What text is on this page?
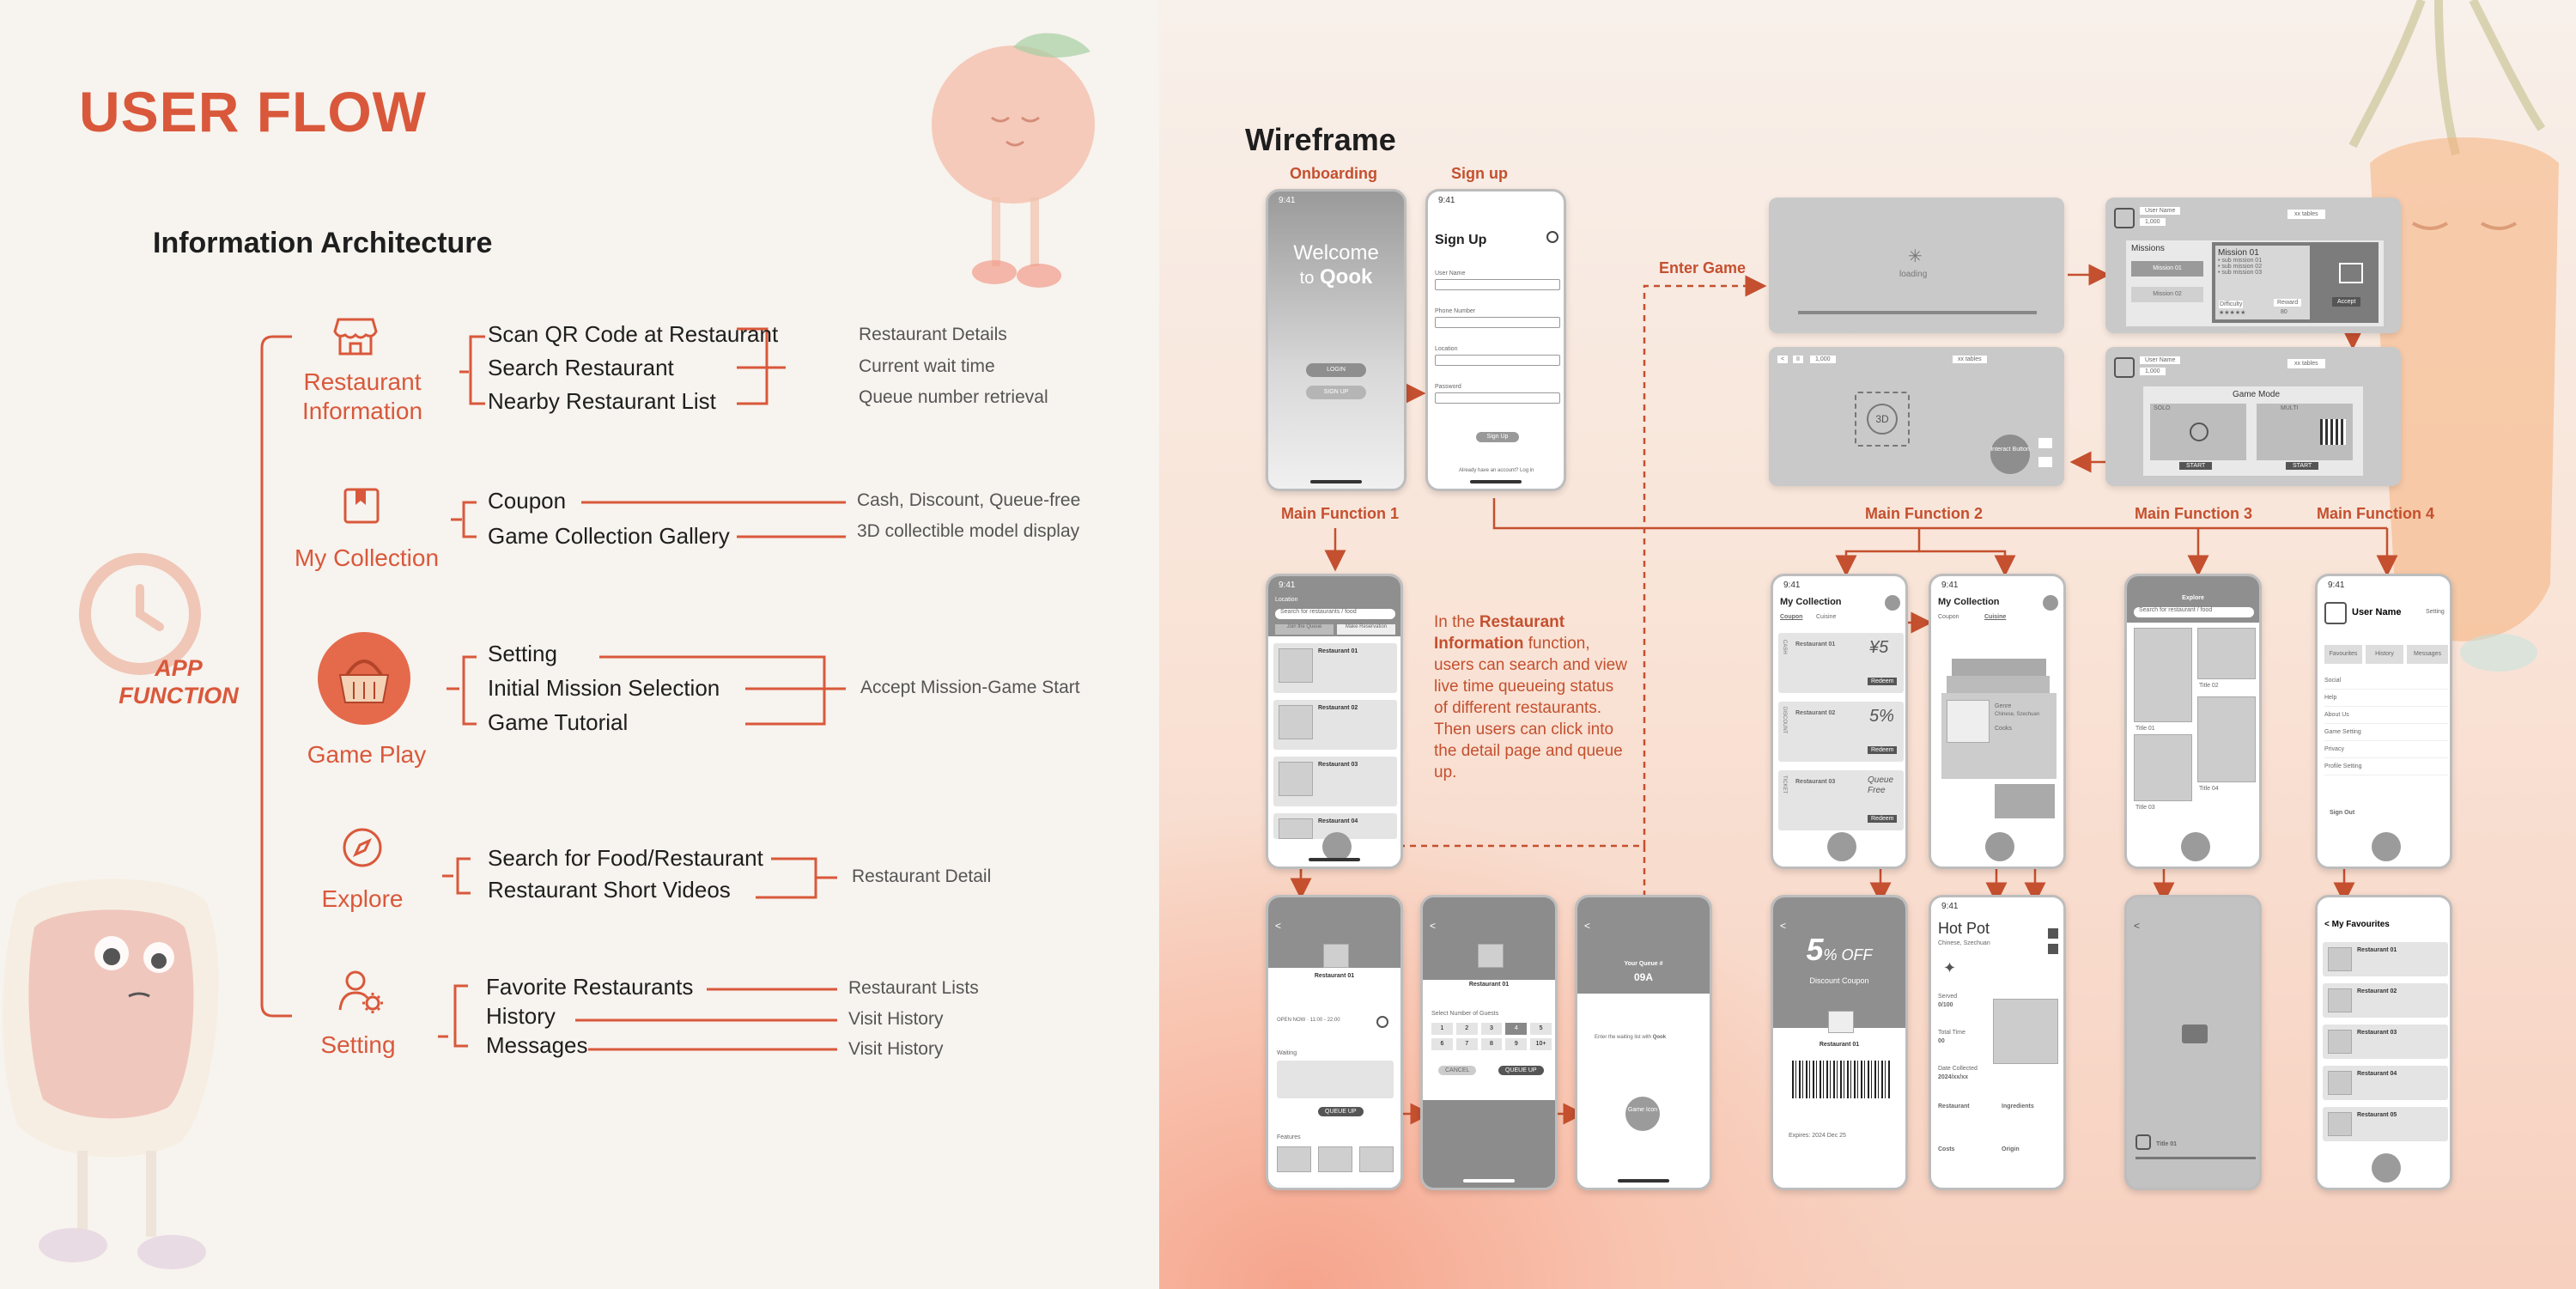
USER FLOW
Information Architecture
APP
FUNCTION
Restaurant
Information
Scan QR Code at Restaurant
Search Restaurant
Nearby Restaurant List
Restaurant Details
Current wait time
Queue number retrieval
My Collection
Coupon
Game Collection Gallery
Cash, Discount, Queue-free
3D collectible model display
Game Play
Setting
Initial Mission Selection
Game Tutorial
Accept Mission-Game Start
Explore
Search for Food/Restaurant
Restaurant Short Videos
Restaurant Detail
Setting
Favorite Restaurants
History
Messages
Restaurant Lists
Visit History
Visit History
Wireframe
Onboarding	Sign up
Enter Game
Main Function 1	Main Function 2	Main Function 3	Main Function 4
In the Restaurant Information function, users can search and view live time queueing status of different restaurants. Then users can click into the detail page and queue up.
9:41
Welcome
to Qook
LOGIN
SIGN UP
9:41
Sign Up
User Name
Phone Number
Location
Password
Sign Up
Already have an account? Log in
✳
loading
User Name
1,000
xx tables
Missions
Mission 01
Mission 02
Mission 01
• sub mission 01
• sub mission 02
• sub mission 03
Difficulty
★★★★★
Reward
80
Accept
<	II	1,000	xx tables
3D
Interact Button
User Name
1,000
xx tables
Game Mode
SOLO	MULTI
START	START
9:41
Location
Search for restaurants / food
Join the Queue	Make Reservation
Restaurant 01
Restaurant 02
Restaurant 03
Restaurant 04
<
Restaurant 01
OPEN NOW · 11:00 - 22:00
Waiting
QUEUE UP
Features
<
Restaurant 01
Select Number of Guests
1	2	3	4	5
6	7	8	9	10+
CANCEL	QUEUE UP
<
Your Queue #
09A
Enter the waiting list with Qook
Game Icon
9:41
My Collection
Coupon Cuisine
CASH Restaurant 01 ¥5
Redeem
DISCOUNT Restaurant 02 5%
Redeem
TICKET Restaurant 03	Queue Free
Redeem
9:41
My Collection
Coupon	Cuisine
Genre
Chinese, Szechuan
Cooks
<
5% OFF
Discount Coupon
Restaurant 01
Expires: 2024 Dec 25
9:41
Hot Pot
Chinese, Szechuan
✦
Served
0/100
Total Time
00
Date Collected
2024/xx/xx
Restaurant	Ingredients
Costs	Origin
Explore
Search for restaurant / food
Title 02
Title 01
Title 04
Title 03
<
Title 01
9:41
User Name	Setting
Favourites	History	Messages
Social
Help
About Us
Game Setting
Privacy
Profile Setting
Sign Out
< My Favourites
Restaurant 01
Restaurant 02
Restaurant 03
Restaurant 04
Restaurant 05
